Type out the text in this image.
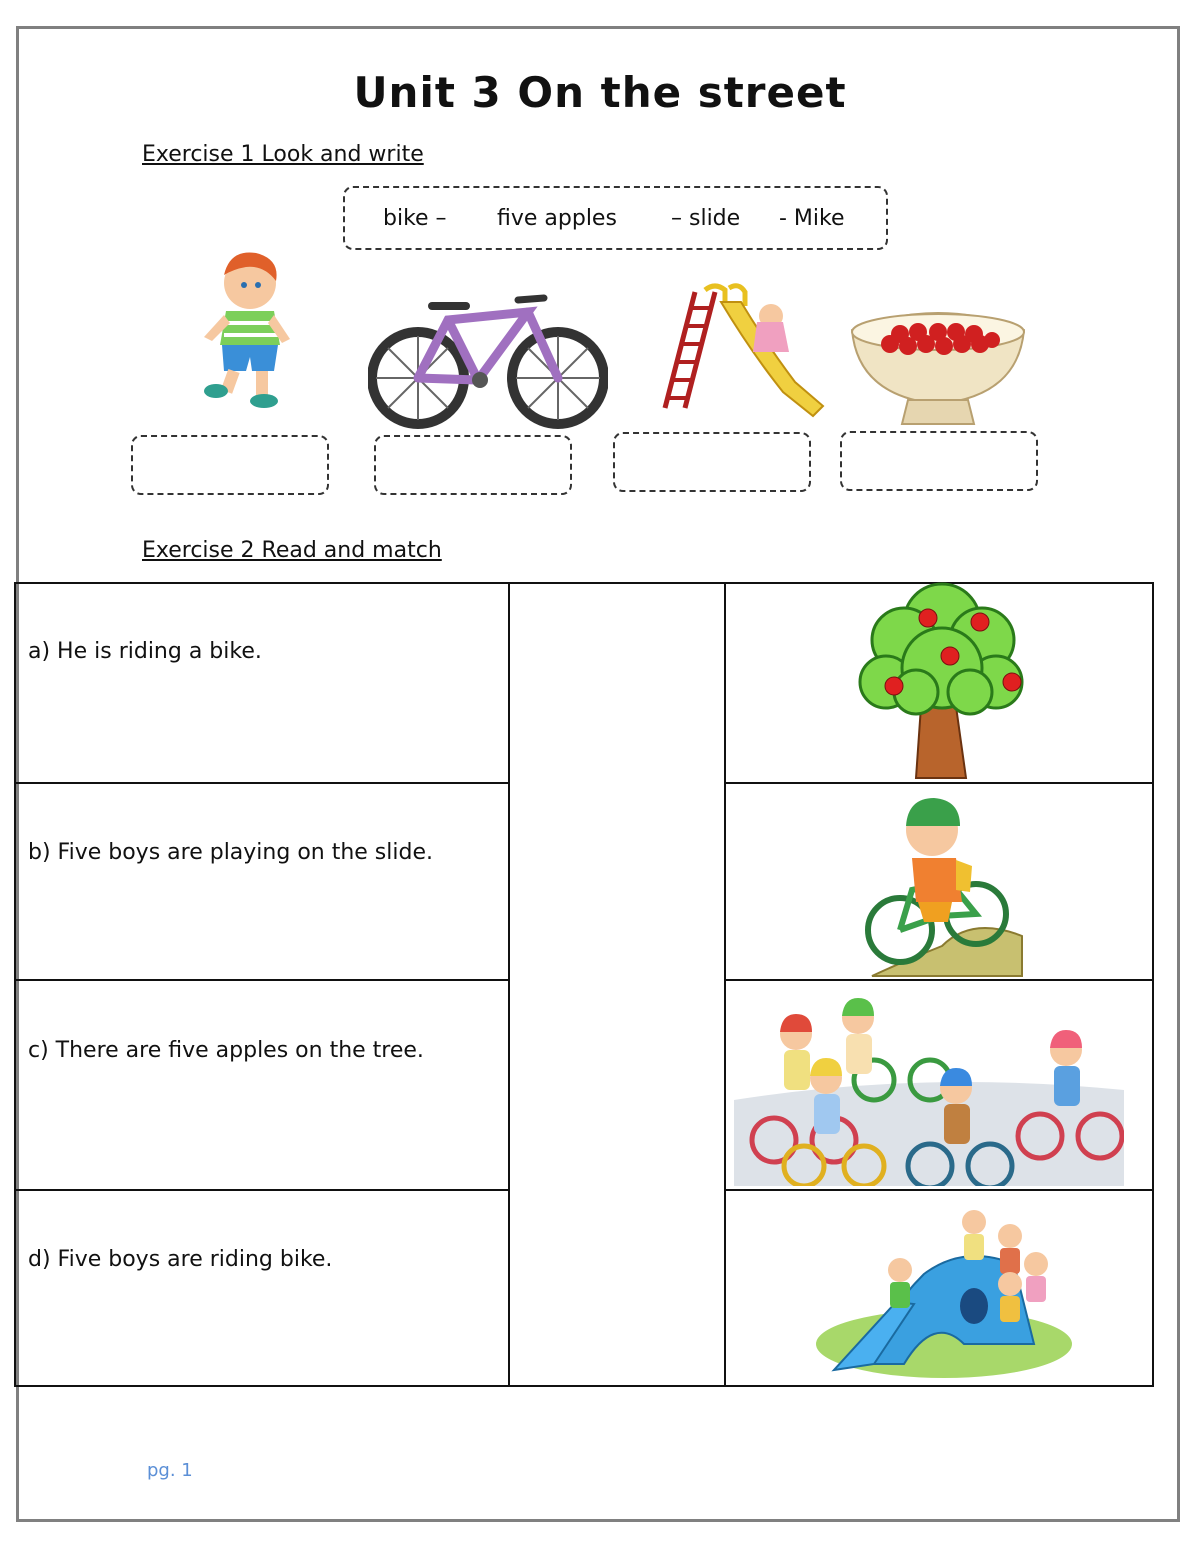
Unit 3 On the street
Exercise 1 Look and write
bike – five apples – slide - Mike
Exercise 2 Read and match
a) He is riding a bike.
b) Five boys are playing on the slide.
c) There are five apples on the tree.
d) Five boys are riding bike.
pg. 1
